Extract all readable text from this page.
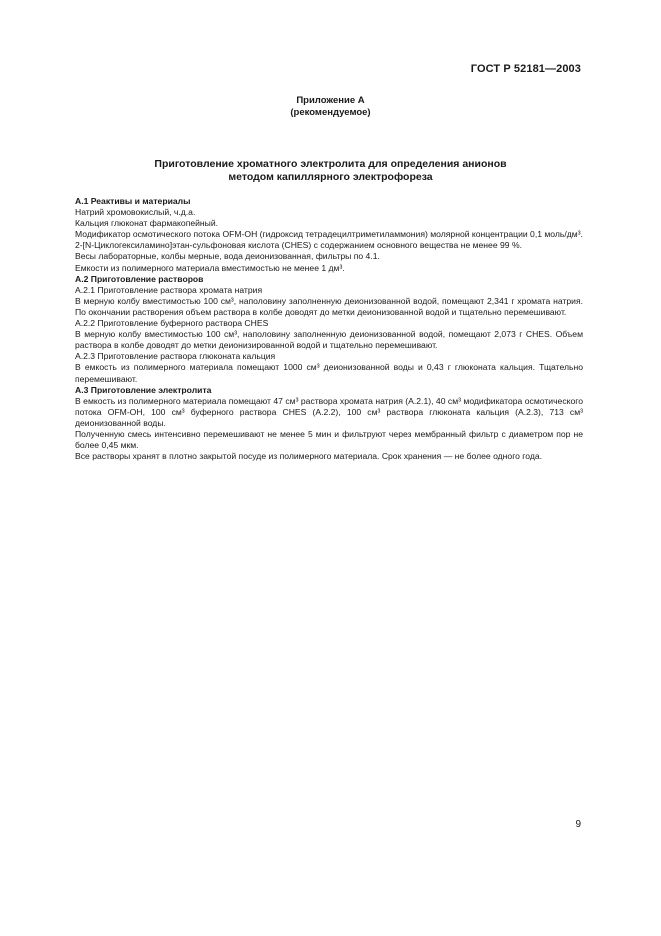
ГОСТ Р 52181—2003
Приложение А
(рекомендуемое)
Приготовление хроматного электролита для определения анионов
методом капиллярного электрофореза

А.1 Реактивы и материалы

Натрий хромовокислый, ч.д.а.

Кальция глюконат фармакопейный.

Модификатор осмотического потока OFM-OH (гидроксид тетрадецилтриметиламмония) молярной концентрации 0,1 моль/дм³.

2-[N-Циклогексиламино]этан-сульфоновая кислота (CHES) с содержанием основного вещества не менее 99 %.

Весы лабораторные, колбы мерные, вода деионизованная, фильтры по 4.1.

Емкости из полимерного материала вместимостью не менее 1 дм³.

А.2 Приготовление растворов

А.2.1 Приготовление раствора хромата натрия

В мерную колбу вместимостью 100 см³, наполовину заполненную деионизованной водой, помещают 2,341 г хромата натрия. По окончании растворения объем раствора в колбе доводят до метки деионизованной водой и тщательно перемешивают.

А.2.2 Приготовление буферного раствора CHES

В мерную колбу вместимостью 100 см³, наполовину заполненную деионизованной водой, помещают 2,073 г CHES. Объем раствора в колбе доводят до метки деионизированной водой и тщательно перемешивают.

А.2.3 Приготовление раствора глюконата кальция

В емкость из полимерного материала помещают 1000 см³ деионизованной воды и 0,43 г глюконата кальция. Тщательно перемешивают.

А.3 Приготовление электролита

В емкость из полимерного материала помещают 47 см³ раствора хромата натрия (А.2.1), 40 см³ модификатора осмотического потока OFM-OH, 100 см³ буферного раствора CHES (А.2.2), 100 см³ раствора глюконата кальция (А.2.3), 713 см³ деионизованной воды.

Полученную смесь интенсивно перемешивают не менее 5 мин и фильтруют через мембранный фильтр с диаметром пор не более 0,45 мкм.

Все растворы хранят в плотно закрытой посуде из полимерного материала. Срок хранения — не более одного года.

9
